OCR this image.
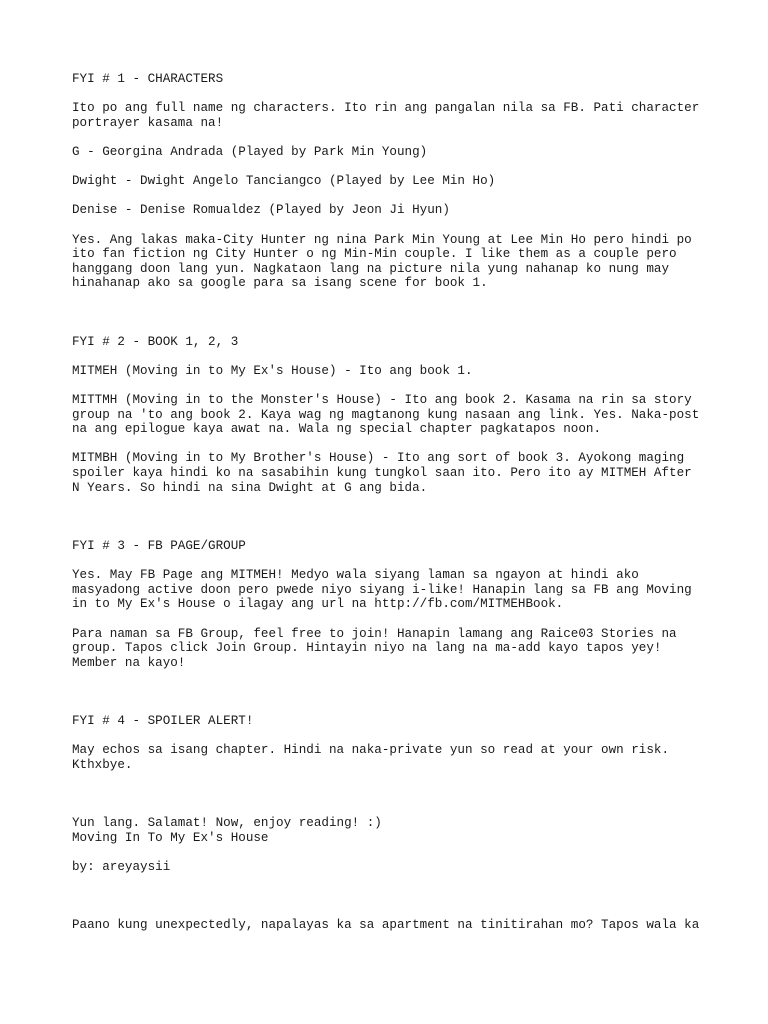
FYI # 1 - CHARACTERS
Ito po ang full name ng characters. Ito rin ang pangalan nila sa FB. Pati character
portrayer kasama na!
G - Georgina Andrada (Played by Park Min Young)
Dwight - Dwight Angelo Tanciangco (Played by Lee Min Ho)
Denise - Denise Romualdez (Played by Jeon Ji Hyun)
Yes. Ang lakas maka-City Hunter ng nina Park Min Young at Lee Min Ho pero hindi po
ito fan fiction ng City Hunter o ng Min-Min couple. I like them as a couple pero
hanggang doon lang yun. Nagkataon lang na picture nila yung nahanap ko nung may
hinahanap ako sa google para sa isang scene for book 1.
FYI # 2 - BOOK 1, 2, 3
MITMEH (Moving in to My Ex's House) - Ito ang book 1.
MITTMH (Moving in to the Monster's House) - Ito ang book 2. Kasama na rin sa story
group na 'to ang book 2. Kaya wag ng magtanong kung nasaan ang link. Yes. Naka-post
na ang epilogue kaya awat na. Wala ng special chapter pagkatapos noon.
MITMBH (Moving in to My Brother's House) - Ito ang sort of book 3. Ayokong maging
spoiler kaya hindi ko na sasabihin kung tungkol saan ito. Pero ito ay MITMEH After
N Years. So hindi na sina Dwight at G ang bida.
FYI # 3 - FB PAGE/GROUP
Yes. May FB Page ang MITMEH! Medyo wala siyang laman sa ngayon at hindi ako
masyadong active doon pero pwede niyo siyang i-like! Hanapin lang sa FB ang Moving
in to My Ex's House o ilagay ang url na http://fb.com/MITMEHBook.
Para naman sa FB Group, feel free to join! Hanapin lamang ang Raice03 Stories na
group. Tapos click Join Group. Hintayin niyo na lang na ma-add kayo tapos yey!
Member na kayo!
FYI # 4 - SPOILER ALERT!
May echos sa isang chapter. Hindi na naka-private yun so read at your own risk.
Kthxbye.
Yun lang. Salamat! Now, enjoy reading! :)
Moving In To My Ex's House
by: areyaysii
Paano kung unexpectedly, napalayas ka sa apartment na tinitirahan mo? Tapos wala ka
